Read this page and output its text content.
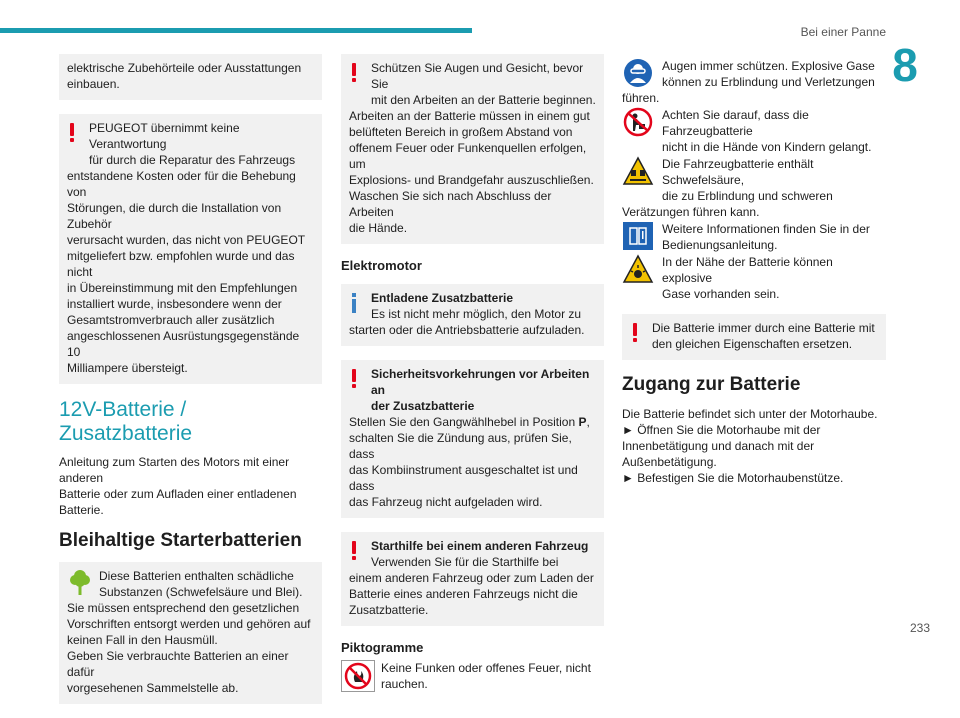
Bei einer Panne
8

elektrische Zubehörteile oder Ausstattungen

einbauen.

PEUGEOT übernimmt keine Verantwortung

für durch die Reparatur des Fahrzeugs

entstandene Kosten oder für die Behebung von

Störungen, die durch die Installation von Zubehör

verursacht wurden, das nicht von PEUGEOT

mitgeliefert bzw. empfohlen wurde und das nicht

in Übereinstimmung mit den Empfehlungen

installiert wurde, insbesondere wenn der

Gesamtstromverbrauch aller zusätzlich

angeschlossenen Ausrüstungsgegenstände 10

Milliampere übersteigt.

12V-Batterie /
Zusatzbatterie

Anleitung zum Starten des Motors mit einer anderen

Batterie oder zum Aufladen einer entladenen

Batterie.

Bleihaltige Starterbatterien

Diese Batterien enthalten schädliche

Substanzen (Schwefelsäure und Blei).

Sie müssen entsprechend den gesetzlichen

Vorschriften entsorgt werden und gehören auf

keinen Fall in den Hausmüll.

Geben Sie verbrauchte Batterien an einer dafür

vorgesehenen Sammelstelle ab.

Schützen Sie Augen und Gesicht, bevor Sie

mit den Arbeiten an der Batterie beginnen.

Arbeiten an der Batterie müssen in einem gut

belüfteten Bereich in großem Abstand von

offenem Feuer oder Funkenquellen erfolgen, um

Explosions- und Brandgefahr auszuschließen.

Waschen Sie sich nach Abschluss der Arbeiten

die Hände.

Elektromotor

Entladene Zusatzbatterie

Es ist nicht mehr möglich, den Motor zu

starten oder die Antriebsbatterie aufzuladen.

Sicherheitsvorkehrungen vor Arbeiten an

der Zusatzbatterie

Stellen Sie den Gangwählhebel in Position P,

schalten Sie die Zündung aus, prüfen Sie, dass

das Kombiinstrument ausgeschaltet ist und dass

das Fahrzeug nicht aufgeladen wird.

Starthilfe bei einem anderen Fahrzeug

Verwenden Sie für die Starthilfe bei

einem anderen Fahrzeug oder zum Laden der

Batterie eines anderen Fahrzeugs nicht die

Zusatzbatterie.

Piktogramme

Keine Funken oder offenes Feuer, nicht

rauchen.

Augen immer schützen. Explosive Gase

können zu Erblindung und Verletzungen

führen.

Achten Sie darauf, dass die Fahrzeugbatterie

nicht in die Hände von Kindern gelangt.

Die Fahrzeugbatterie enthält Schwefelsäure,

die zu Erblindung und schweren

Verätzungen führen kann.

Weitere Informationen finden Sie in der

Bedienungsanleitung.

In der Nähe der Batterie können explosive

Gase vorhanden sein.

Die Batterie immer durch eine Batterie mit

den gleichen Eigenschaften ersetzen.

Zugang zur Batterie

Die Batterie befindet sich unter der Motorhaube.

► Öffnen Sie die Motorhaube mit der

Innenbetätigung und danach mit der

Außenbetätigung.

► Befestigen Sie die Motorhaubenstütze.

233
